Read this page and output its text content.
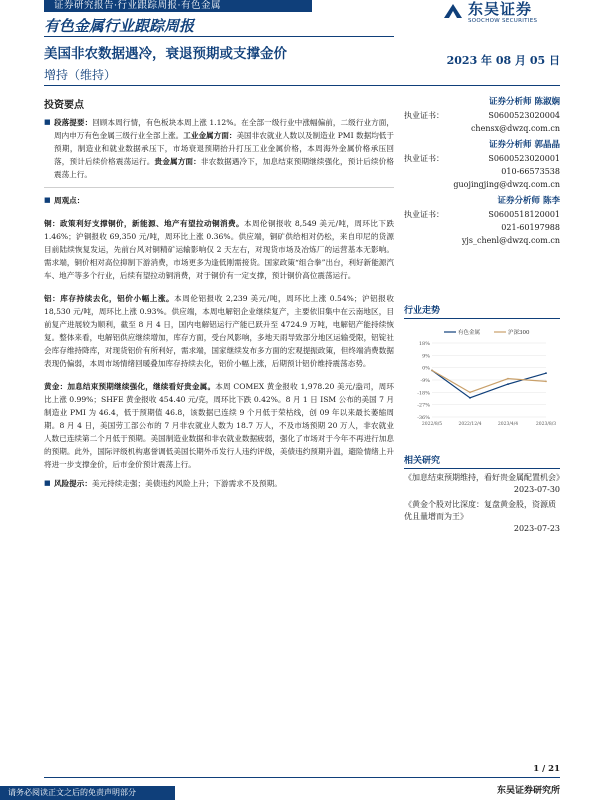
证券研究报告·行业跟踪周报·有色金属
有色金属行业跟踪周报
东吴证券
SOOCHOW SECURITIES
美国非农数据遇冷，衰退预期或支撑金价	2023 年 08 月 05 日
增持（维持）
投资要点
■ 段落提要：回顾本周行情，有色板块本周上涨 1.12%。在全部一级行业中涨幅偏前，二级行业方面，周内申万有色金属三级行业全部上涨。工业金属方面：美国非农就业人数以及制造业 PMI 数据均低于预期，制造业和就业数据承压下，市场衰退预期抬升打压工业金属价格，本周海外金属价格承压回落，预计后续价格震荡运行。贵金属方面：非农数据遇冷下，加息结束预期继续强化，预计后续价格震荡上行。
■ 周观点：
铜：政策利好支撑铜价，新能源、地产有望拉动铜消费。本周伦铜报收 8,549 美元/吨，周环比下跌 1.46%；沪铜报收 69,350 元/吨，周环比上涨 0.36%。供应端，铜矿供给相对仍松，来自印尼的货源目前陆续恢复发运，先前台风对铜精矿运输影响仅 2 天左右，对现货市场及冶炼厂的运营基本无影响。需求端，铜价相对高位抑制下游消费，市场更多为逢低刚需接货。国家政策“组合拳”出台，利好新能源汽车、地产等多个行业，后续有望拉动铜消费，对于铜价有一定支撑，预计铜价高位震荡运行。
铝：库存持续去化，铝价小幅上涨。本周伦铝报收 2,239 美元/吨，周环比上涨 0.54%；沪铝报收 18,530 元/吨，周环比上涨 0.93%。供应端，本周电解铝企业继续复产，主要依旧集中在云南地区，目前复产进展较为顺利，截至 8 月 4 日，国内电解铝运行产能已跃升至 4724.9 万吨，电解铝产能持续恢复。整体来看，电解铝供应继续增加，库存方面，受台风影响，多地天雨导致部分地区运输受限，铝锭社会库存维持降库，对现货铝价有所利好，需求端，国家继续发布多方面的宏观提振政策，但终端消费数据表现仍偏弱，本周市场情绪回暖叠加库存持续去化，铝价小幅上涨，后期预计铝价维持震荡态势。
黄金：加息结束预期继续强化，继续看好贵金属。本周 COMEX 黄金报收 1,978.20 美元/盎司，周环比上涨 0.99%；SHFE 黄金报收 454.40 元/克，周环比下跌 0.42%。8 月 1 日 ISM 公布的美国 7 月制造业 PMI 为 46.4，低于预期值 46.8，该数据已连续 9 个月低于荣枯线，创 09 年以来最长萎缩周期。8 月 4 日，美国劳工部公布的 7 月非农就业人数为 18.7 万人，不及市场预期 20 万人，非农就业人数已连续第二个月低于预期。美国制造业数据和非农就业数据疲弱，强化了市场对于今年不再进行加息的预期。此外，国际评级机构惠誉调低美国长期外币发行人违约评级，美债违约预期升温，避险情绪上升将进一步支撑金价，后市金价预计震荡上行。
■ 风险提示：美元持续走强；美债违约风险上升；下游需求不及预期。
证券分析师 陈淑娴
执业证书：	S0600523020004
chensx@dwzq.com.cn
证券分析师 郭晶晶
执业证书：	S0600523020001
010-66573538
guojingjing@dwzq.com.cn
证券分析师 陈李
执业证书：	S0600518120001
021-60197988
yjs_chenl@dwzq.com.cn
行业走势
有色金属	沪深300
18%
9%
0%
-9%
-18%
-27%
-36%
2022/8/5	2022/12/4	2023/4/4	2023/8/3
相关研究
《加息结束预期维持，看好贵金属配置机会》
2023-07-30
《黄金个股对比深度：复盘黄金股，资源质优且量增而为王》
2023-07-23
1 / 21
请务必阅读正文之后的免责声明部分	东吴证券研究所
